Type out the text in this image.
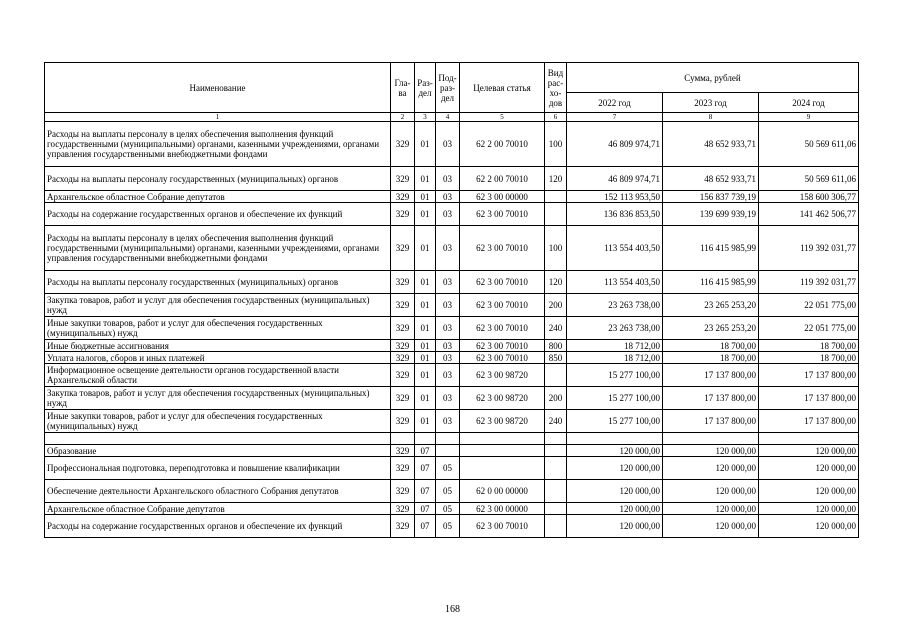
Наименование	Гла-ва	Раз-дел	Под-раз-дел	Целевая статья	Вид рас-хо-дов	Сумма, рублей		
						2022 год	2023 год	2024 год
1	2	3	4	5	6	7	8	9
Расходы на выплаты персоналу в целях обеспечения выполнения функций государственными (муниципальными) органами, казенными учреждениями, органами управления государственными внебюджетными фондами	329	01	03	62 2 00 70010	100	46 809 974,71	48 652 933,71	50 569 611,06
Расходы на выплаты персоналу государственных (муниципальных) органов	329	01	03	62 2 00 70010	120	46 809 974,71	48 652 933,71	50 569 611,06
Архангельское областное Собрание депутатов	329	01	03	62 3 00 00000		152 113 953,50	156 837 739,19	158 600 306,77
Расходы на содержание государственных органов и обеспечение их функций	329	01	03	62 3 00 70010		136 836 853,50	139 699 939,19	141 462 506,77
Расходы на выплаты персоналу в целях обеспечения выполнения функций государственными (муниципальными) органами, казенными учреждениями, органами управления государственными внебюджетными фондами	329	01	03	62 3 00 70010	100	113 554 403,50	116 415 985,99	119 392 031,77
Расходы на выплаты персоналу государственных (муниципальных) органов	329	01	03	62 3 00 70010	120	113 554 403,50	116 415 985,99	119 392 031,77
Закупка товаров, работ и услуг для обеспечения государственных (муниципальных) нужд	329	01	03	62 3 00 70010	200	23 263 738,00	23 265 253,20	22 051 775,00
Иные закупки товаров, работ и услуг для обеспечения государственных (муниципальных) нужд	329	01	03	62 3 00 70010	240	23 263 738,00	23 265 253,20	22 051 775,00
Иные бюджетные ассигнования	329	01	03	62 3 00 70010	800	18 712,00	18 700,00	18 700,00
Уплата налогов, сборов и иных платежей	329	01	03	62 3 00 70010	850	18 712,00	18 700,00	18 700,00
Информационное освещение деятельности органов государственной власти Архангельской области	329	01	03	62 3 00 98720		15 277 100,00	17 137 800,00	17 137 800,00
Закупка товаров, работ и услуг для обеспечения государственных (муниципальных) нужд	329	01	03	62 3 00 98720	200	15 277 100,00	17 137 800,00	17 137 800,00
Иные закупки товаров, работ и услуг для обеспечения государственных (муниципальных) нужд	329	01	03	62 3 00 98720	240	15 277 100,00	17 137 800,00	17 137 800,00

Образование	329	07				120 000,00	120 000,00	120 000,00
Профессиональная подготовка, переподготовка и повышение квалификации	329	07	05			120 000,00	120 000,00	120 000,00
Обеспечение деятельности Архангельского областного Собрания депутатов	329	07	05	62 0 00 00000		120 000,00	120 000,00	120 000,00
Архангельское областное Собрание депутатов	329	07	05	62 3 00 00000		120 000,00	120 000,00	120 000,00
Расходы на содержание государственных органов и обеспечение их функций	329	07	05	62 3 00 70010		120 000,00	120 000,00	120 000,00
168
